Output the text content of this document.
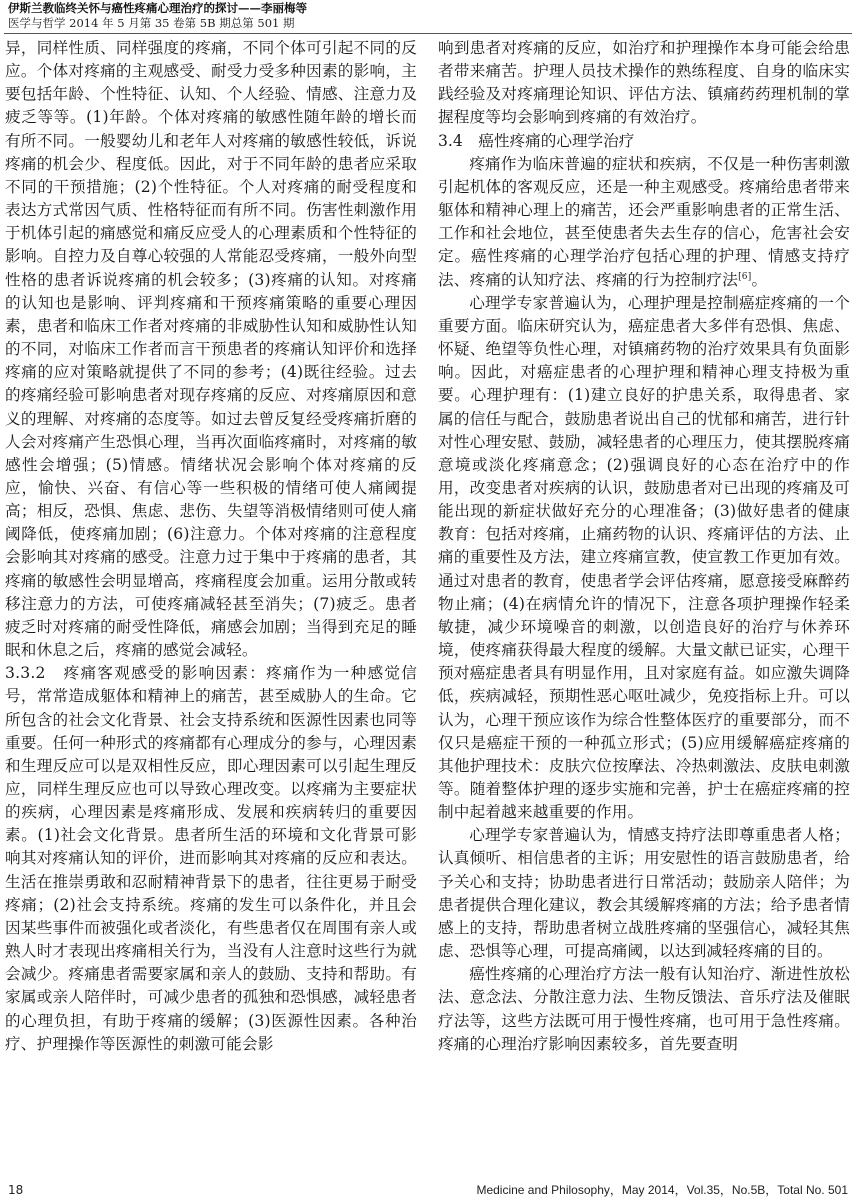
伊斯兰教临终关怀与癌性疼痛心理治疗的探讨——李丽梅等
医学与哲学 2014 年 5 月第 35 卷第 5B 期总第 501 期

异，同样性质、同样强度的疼痛，不同个体可引起不同的反应。个体对疼痛的主观感受、耐受力受多种因素的影响，主要包括年龄、个性特征、认知、个人经验、情感、注意力及疲乏等等。(1)年龄。个体对疼痛的敏感性随年龄的增长而有所不同。一般婴幼儿和老年人对疼痛的敏感性较低，诉说疼痛的机会少、程度低。因此，对于不同年龄的患者应采取不同的干预措施；(2)个性特征。个人对疼痛的耐受程度和表达方式常因气质、性格特征而有所不同。伤害性刺激作用于机体引起的痛感觉和痛反应受人的心理素质和个性特征的影响。自控力及自尊心较强的人常能忍受疼痛，一般外向型性格的患者诉说疼痛的机会较多；(3)疼痛的认知。对疼痛的认知也是影响、评判疼痛和干预疼痛策略的重要心理因素，患者和临床工作者对疼痛的非威胁性认知和威胁性认知的不同，对临床工作者而言干预患者的疼痛认知评价和选择疼痛的应对策略就提供了不同的参考；(4)既往经验。过去的疼痛经验可影响患者对现存疼痛的反应、对疼痛原因和意义的理解、对疼痛的态度等。如过去曾反复经受疼痛折磨的人会对疼痛产生恐惧心理，当再次面临疼痛时，对疼痛的敏感性会增强；(5)情感。情绪状况会影响个体对疼痛的反应，愉快、兴奋、有信心等一些积极的情绪可使人痛阈提高；相反，恐惧、焦虑、悲伤、失望等消极情绪则可使人痛阈降低，使疼痛加剧；(6)注意力。个体对疼痛的注意程度会影响其对疼痛的感受。注意力过于集中于疼痛的患者，其疼痛的敏感性会明显增高，疼痛程度会加重。运用分散或转移注意力的方法，可使疼痛减轻甚至消失；(7)疲乏。患者疲乏时对疼痛的耐受性降低，痛感会加剧；当得到充足的睡眠和休息之后，疼痛的感觉会减轻。

3.3.2　疼痛客观感受的影响因素：疼痛作为一种感觉信号，常常造成躯体和精神上的痛苦，甚至威胁人的生命。它所包含的社会文化背景、社会支持系统和医源性因素也同等重要。任何一种形式的疼痛都有心理成分的参与，心理因素和生理反应可以是双相性反应，即心理因素可以引起生理反应，同样生理反应也可以导致心理改变。以疼痛为主要症状的疾病，心理因素是疼痛形成、发展和疾病转归的重要因素。(1)社会文化背景。患者所生活的环境和文化背景可影响其对疼痛认知的评价，进而影响其对疼痛的反应和表达。生活在推崇勇敢和忍耐精神背景下的患者，往往更易于耐受疼痛；(2)社会支持系统。疼痛的发生可以条件化，并且会因某些事件而被强化或者淡化，有些患者仅在周围有亲人或熟人时才表现出疼痛相关行为，当没有人注意时这些行为就会减少。疼痛患者需要家属和亲人的鼓励、支持和帮助。有家属或亲人陪伴时，可减少患者的孤独和恐惧感，减轻患者的心理负担，有助于疼痛的缓解；(3)医源性因素。各种治疗、护理操作等医源性的刺激可能会影

响到患者对疼痛的反应，如治疗和护理操作本身可能会给患者带来痛苦。护理人员技术操作的熟练程度、自身的临床实践经验及对疼痛理论知识、评估方法、镇痛药药理机制的掌握程度等均会影响到疼痛的有效治疗。

3.4　癌性疼痛的心理学治疗

疼痛作为临床普遍的症状和疾病，不仅是一种伤害刺激引起机体的客观反应，还是一种主观感受。疼痛给患者带来躯体和精神心理上的痛苦，还会严重影响患者的正常生活、工作和社会地位，甚至使患者失去生存的信心，危害社会安定。癌性疼痛的心理学治疗包括心理的护理、情感支持疗法、疼痛的认知疗法、疼痛的行为控制疗法[6]。

心理学专家普遍认为，心理护理是控制癌症疼痛的一个重要方面。临床研究认为，癌症患者大多伴有恐惧、焦虑、怀疑、绝望等负性心理，对镇痛药物的治疗效果具有负面影响。因此，对癌症患者的心理护理和精神心理支持极为重要。心理护理有：(1)建立良好的护患关系，取得患者、家属的信任与配合，鼓励患者说出自己的忧郁和痛苦，进行针对性心理安慰、鼓励，减轻患者的心理压力，使其摆脱疼痛意境或淡化疼痛意念；(2)强调良好的心态在治疗中的作用，改变患者对疾病的认识，鼓励患者对已出现的疼痛及可能出现的新症状做好充分的心理准备；(3)做好患者的健康教育：包括对疼痛，止痛药物的认识、疼痛评估的方法、止痛的重要性及方法，建立疼痛宣教，使宣教工作更加有效。通过对患者的教育，使患者学会评估疼痛，愿意接受麻醉药物止痛；(4)在病情允许的情况下，注意各项护理操作轻柔敏捷，减少环境噪音的刺激，以创造良好的治疗与休养环境，使疼痛获得最大程度的缓解。大量文献已证实，心理干预对癌症患者具有明显作用，且对家庭有益。如应激失调降低，疾病减轻，预期性恶心呕吐减少，免疫指标上升。可以认为，心理干预应该作为综合性整体医疗的重要部分，而不仅只是癌症干预的一种孤立形式；(5)应用缓解癌症疼痛的其他护理技术：皮肤穴位按摩法、冷热刺激法、皮肤电刺激等。随着整体护理的逐步实施和完善，护士在癌症疼痛的控制中起着越来越重要的作用。

心理学专家普遍认为，情感支持疗法即尊重患者人格；认真倾听、相信患者的主诉；用安慰性的语言鼓励患者，给予关心和支持；协助患者进行日常活动；鼓励亲人陪伴；为患者提供合理化建议，教会其缓解疼痛的方法；给予患者情感上的支持，帮助患者树立战胜疼痛的坚强信心，减轻其焦虑、恐惧等心理，可提高痛阈，以达到减轻疼痛的目的。

癌性疼痛的心理治疗方法一般有认知治疗、渐进性放松法、意念法、分散注意力法、生物反馈法、音乐疗法及催眠疗法等，这些方法既可用于慢性疼痛，也可用于急性疼痛。疼痛的心理治疗影响因素较多，首先要查明

18	Medicine and Philosophy，May 2014，Vol.35，No.5B，Total No. 501
